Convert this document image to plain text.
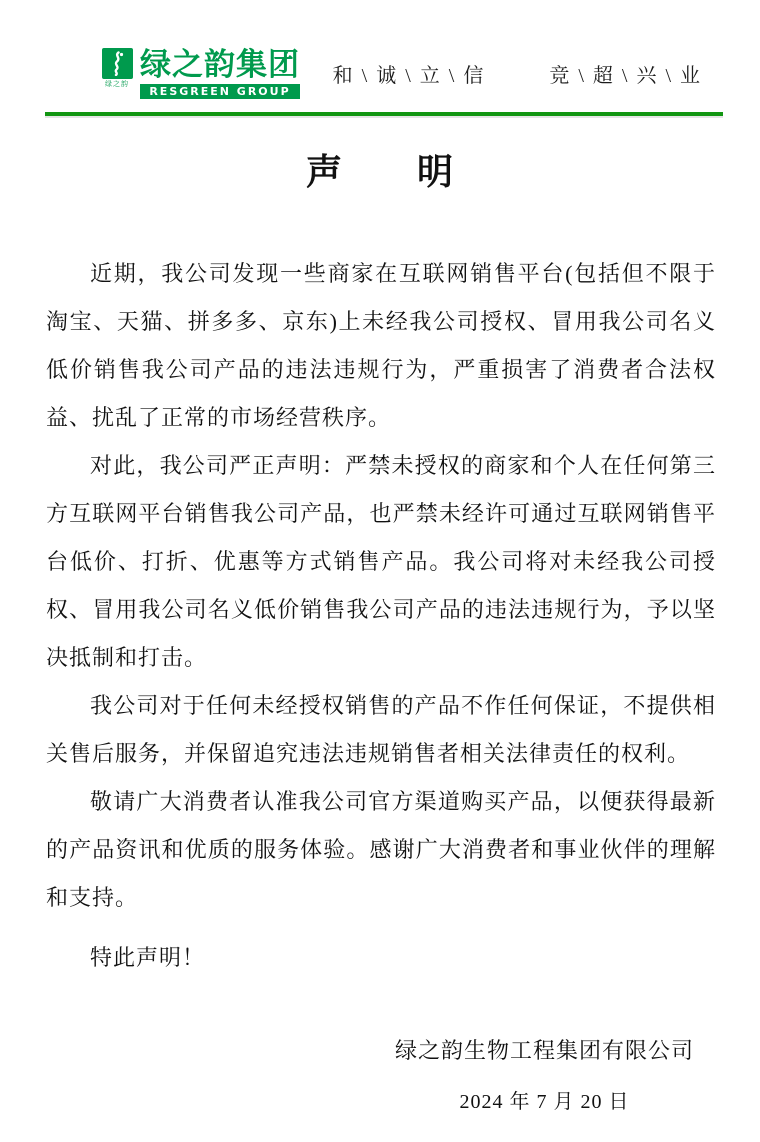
绿之韵
绿之韵集团
RESGREEN GROUP
和 \ 诚 \ 立 \ 信	竞 \ 超 \ 兴 \ 业
声　　明

近期，我公司发现一些商家在互联网销售平台(包括但不限于淘宝、天猫、拼多多、京东)上未经我公司授权、冒用我公司名义低价销售我公司产品的违法违规行为，严重损害了消费者合法权益、扰乱了正常的市场经营秩序。

对此，我公司严正声明：严禁未授权的商家和个人在任何第三方互联网平台销售我公司产品，也严禁未经许可通过互联网销售平台低价、打折、优惠等方式销售产品。我公司将对未经我公司授权、冒用我公司名义低价销售我公司产品的违法违规行为，予以坚决抵制和打击。

我公司对于任何未经授权销售的产品不作任何保证，不提供相关售后服务，并保留追究违法违规销售者相关法律责任的权利。

敬请广大消费者认准我公司官方渠道购买产品，以便获得最新的产品资讯和优质的服务体验。感谢广大消费者和事业伙伴的理解和支持。

特此声明！

绿之韵生物工程集团有限公司
2024 年 7 月 20 日
